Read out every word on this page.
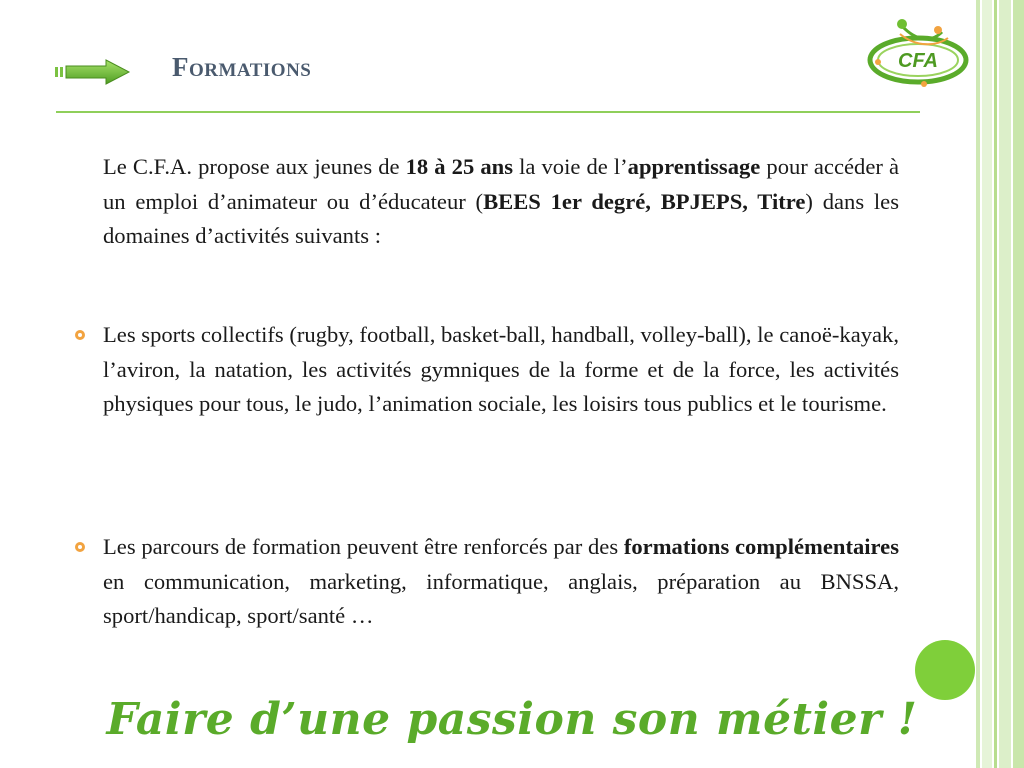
Formations	CFA
Le C.F.A. propose aux jeunes de 18 à 25 ans la voie de l’apprentissage pour accéder à un emploi d’animateur ou d’éducateur (BEES 1er degré, BPJEPS, Titre) dans les domaines d’activités suivants :
Les sports collectifs (rugby, football, basket-ball, handball, volley-ball), le canoë-kayak, l’aviron, la natation, les activités gymniques de la forme et de la force, les activités physiques pour tous, le judo, l’animation sociale, les loisirs tous publics et le tourisme.
Les parcours de formation peuvent être renforcés par des formations complémentaires en communication, marketing, informatique, anglais, préparation au BNSSA, sport/handicap, sport/santé …
Faire d’une passion son métier !
